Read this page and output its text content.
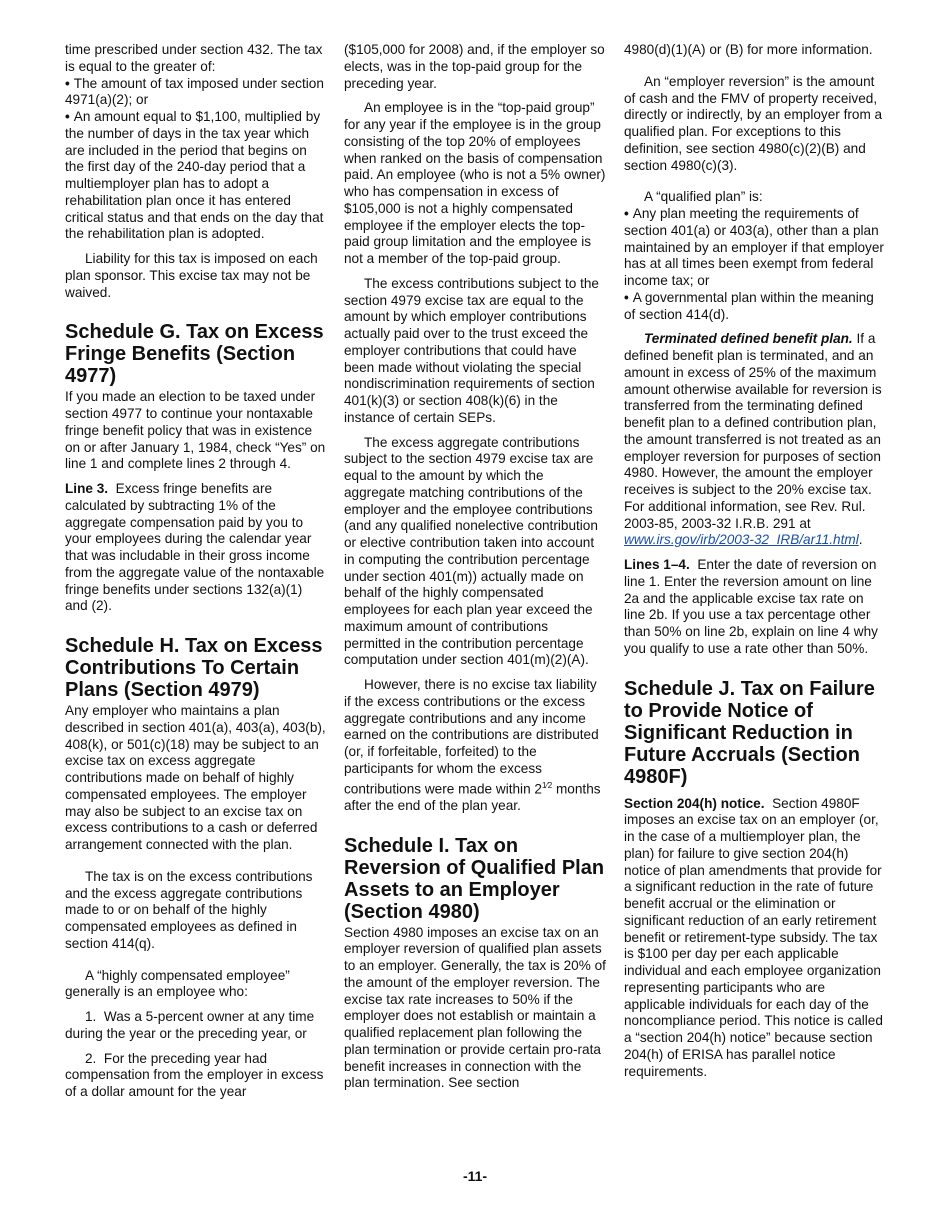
time prescribed under section 432. The tax is equal to the greater of:

• The amount of tax imposed under section 4971(a)(2); or

• An amount equal to $1,100, multiplied by the number of days in the tax year which are included in the period that begins on the first day of the 240-day period that a multiemployer plan has to adopt a rehabilitation plan once it has entered critical status and that ends on the day that the rehabilitation plan is adopted.

Liability for this tax is imposed on each plan sponsor. This excise tax may not be waived.

Schedule G. Tax on Excess Fringe Benefits (Section 4977)

If you made an election to be taxed under section 4977 to continue your nontaxable fringe benefit policy that was in existence on or after January 1, 1984, check “Yes” on line 1 and complete lines 2 through 4.

Line 3. Excess fringe benefits are calculated by subtracting 1% of the aggregate compensation paid by you to your employees during the calendar year that was includable in their gross income from the aggregate value of the nontaxable fringe benefits under sections 132(a)(1) and (2).

Schedule H. Tax on Excess Contributions To Certain Plans (Section 4979)

Any employer who maintains a plan described in section 401(a), 403(a), 403(b), 408(k), or 501(c)(18) may be subject to an excise tax on excess aggregate contributions made on behalf of highly compensated employees. The employer may also be subject to an excise tax on excess contributions to a cash or deferred arrangement connected with the plan.

The tax is on the excess contributions and the excess aggregate contributions made to or on behalf of the highly compensated employees as defined in section 414(q).

A “highly compensated employee” generally is an employee who:

1.  Was a 5-percent owner at any time during the year or the preceding year, or

2.  For the preceding year had compensation from the employer in excess of a dollar amount for the year

($105,000 for 2008) and, if the employer so elects, was in the top-paid group for the preceding year.

An employee is in the “top-paid group” for any year if the employee is in the group consisting of the top 20% of employees when ranked on the basis of compensation paid. An employee (who is not a 5% owner) who has compensation in excess of $105,000 is not a highly compensated employee if the employer elects the top-paid group limitation and the employee is not a member of the top-paid group.

The excess contributions subject to the section 4979 excise tax are equal to the amount by which employer contributions actually paid over to the trust exceed the employer contributions that could have been made without violating the special nondiscrimination requirements of section 401(k)(3) or section 408(k)(6) in the instance of certain SEPs.

The excess aggregate contributions subject to the section 4979 excise tax are equal to the amount by which the aggregate matching contributions of the employer and the employee contributions (and any qualified nonelective contribution or elective contribution taken into account in computing the contribution percentage under section 401(m)) actually made on behalf of the highly compensated employees for each plan year exceed the maximum amount of contributions permitted in the contribution percentage computation under section 401(m)(2)(A).

However, there is no excise tax liability if the excess contributions or the excess aggregate contributions and any income earned on the contributions are distributed (or, if forfeitable, forfeited) to the participants for whom the excess contributions were made within $2^{1⁄2}$ months after the end of the plan year.

Schedule I. Tax on Reversion of Qualified Plan Assets to an Employer (Section 4980)

Section 4980 imposes an excise tax on an employer reversion of qualified plan assets to an employer. Generally, the tax is 20% of the amount of the employer reversion. The excise tax rate increases to 50% if the employer does not establish or maintain a qualified replacement plan following the plan termination or provide certain pro-rata benefit increases in connection with the plan termination. See section

4980(d)(1)(A) or (B) for more information.

An “employer reversion” is the amount of cash and the FMV of property received, directly or indirectly, by an employer from a qualified plan. For exceptions to this definition, see section 4980(c)(2)(B) and section 4980(c)(3).

A “qualified plan” is:

• Any plan meeting the requirements of section 401(a) or 403(a), other than a plan maintained by an employer if that employer has at all times been exempt from federal income tax; or

• A governmental plan within the meaning of section 414(d).

Terminated defined benefit plan. If a defined benefit plan is terminated, and an amount in excess of 25% of the maximum amount otherwise available for reversion is transferred from the terminating defined benefit plan to a defined contribution plan, the amount transferred is not treated as an employer reversion for purposes of section 4980. However, the amount the employer receives is subject to the 20% excise tax. For additional information, see Rev. Rul. 2003-85, 2003-32 I.R.B. 291 at www.irs.gov/irb/2003-32_IRB/ar11.html.

Lines 1–4. Enter the date of reversion on line 1. Enter the reversion amount on line 2a and the applicable excise tax rate on line 2b. If you use a tax percentage other than 50% on line 2b, explain on line 4 why you qualify to use a rate other than 50%.

Schedule J. Tax on Failure to Provide Notice of Significant Reduction in Future Accruals (Section 4980F)

Section 204(h) notice. Section 4980F imposes an excise tax on an employer (or, in the case of a multiemployer plan, the plan) for failure to give section 204(h) notice of plan amendments that provide for a significant reduction in the rate of future benefit accrual or the elimination or significant reduction of an early retirement benefit or retirement-type subsidy. The tax is $100 per day per each applicable individual and each employee organization representing participants who are applicable individuals for each day of the noncompliance period. This notice is called a “section 204(h) notice” because section 204(h) of ERISA has parallel notice requirements.

-11-
